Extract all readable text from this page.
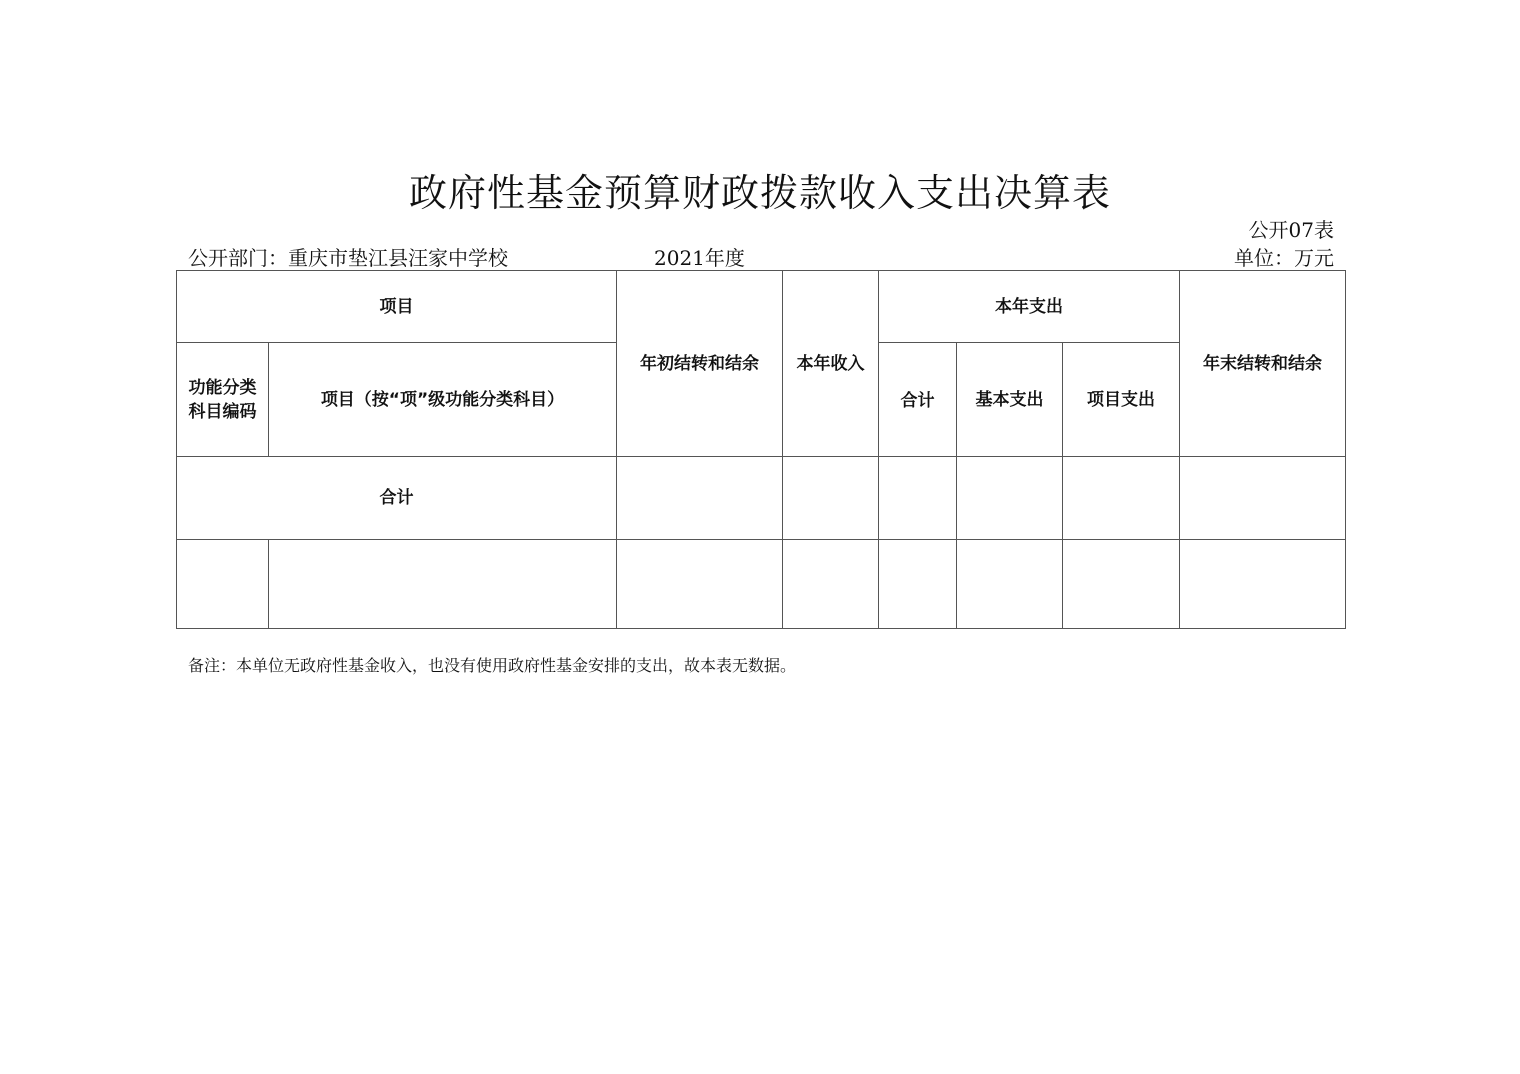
政府性基金预算财政拨款收入支出决算表
公开07表
公开部门：重庆市垫江县汪家中学校	2021年度	单位：万元
项目		年初结转和结余	本年收入	本年支出			年末结转和结余

功能分类科目编码	项目（按“项”级功能分类科目）			合计	基本支出	项目支出	
合计							

备注：本单位无政府性基金收入，也没有使用政府性基金安排的支出，故本表无数据。
